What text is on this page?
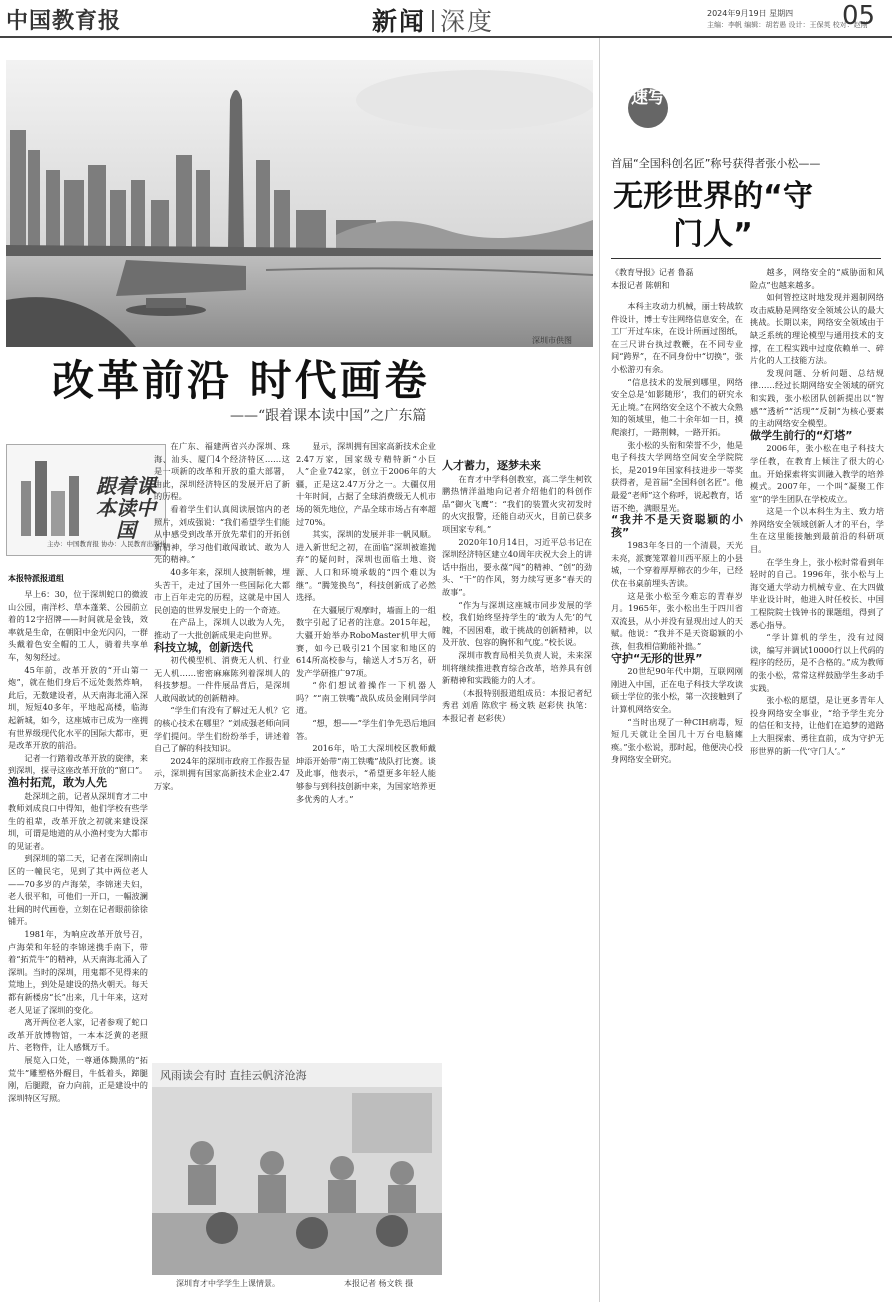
中国教育报	新闻 深度	2024年9月19日 星期四
主编：李帆 编辑：胡若愚 设计：王保英 校对：赵刚
05
深圳市供图
改革前沿 时代画卷
——“跟着课本读中国”之广东篇
跟着课本读中国
主办：中国教育报 协办：人民教育出版社
本报特派报道组

早上6：30，位于深圳蛇口的微波山公园，南洋杉、草本蓬莱、公园前立着的12字招牌——时间就是金钱，效率就是生命，在朝阳中金光闪闪，一群头戴着色安全帽的工人，骑着共享单车，匆匆经过。

45年前，改革开放的“开山第一炮”，就在他们身后不远处轰然炸响，此后，无数建设者，从天南海北涌入深圳，短短40多年，平地起高楼，临海起新城，如今，这座城市已成为一座拥有世界级现代化水平的国际大都市，更是改革开放的前沿。

记者一行踏着改革开放的旋律，来到深圳，探寻这座改革开放的“窗口”。

渔村拓荒，敢为人先

赴深圳之前，记者从深圳育才二中教师刘成良口中得知，他们学校有些学生的祖辈，改革开放之初就来建设深圳，可谓是地道的从小渔村变为大都市的见证者。

到深圳的第二天，记者在深圳南山区的一幢民宅，见到了其中两位老人——70多岁的卢海荣，李锦迷夫妇，老人很平和，可他们一开口，一幅波澜壮阔的时代画卷，立刻在记者眼前徐徐铺开。

1981年，为响应改革开放号召，卢海荣和年轻的李锦迷携手南下，带着“拓荒牛”的精神，从天南海北涌入了深圳。当时的深圳，用鬼都不见得来的荒地上，到处是建设的热火朝天。每天都有新楼房“长”出来，几十年来，这对老人见证了深圳的变化。

离开两位老人家，记者参观了蛇口改革开放博物馆，一本本泛黄的老照片、老物件，让人感慨万千。

展览入口处，一尊通体黝黑的“拓荒牛”雕塑格外醒目，牛低着头，蹄腿刚，后腿蹬，奋力向前，正是建设中的深圳特区写照。

在广东、福建两省兴办深圳、珠海、汕头、厦门4个经济特区……这是一项新的改革和开放的重大部署，由此，深圳经济特区的发展开启了新的历程。

看着学生们认真阅读展馆内的老照片，刘成强说：“我们希望学生们能从中感受到改革开放先辈们的开拓创新精神，学习他们敢闯敢试、敢为人先的精神。”

40多年来，深圳人披荆斩棘，埋头苦干，走过了国外一些国际化大都市上百年走完的历程，这就是中国人民创造的世界发展史上的一个奇迹。

在产品上，深圳人以敢为人先，推动了一大批创新成果走向世界。

科技立城，创新迭代

初代模型机、消费无人机、行业无人机……密密麻麻陈列着深圳人的科技梦想。一件件展品背后，是深圳人敢闯敢试的创新精神。

“学生们有没有了解过无人机？它的核心技术在哪里？”刘成强老师向同学们提问。学生们纷纷举手，讲述着自己了解的科技知识。

2024年的深圳市政府工作报告显示，深圳拥有国家高新技术企业2.47万家。

显示，深圳拥有国家高新技术企业2.47万家，国家级专精特新“小巨人”企业742家，创立于2006年的大疆，正是这2.47万分之一。大疆仅用十年时间，占据了全球消费级无人机市场的领先地位，产品全球市场占有率超过70%。

其实，深圳的发展并非一帆风顺。进入新世纪之初，在面临“深圳被谁抛弃”的疑问时，深圳也面临土地、资源、人口和环境承载的“四个难以为继”。“腾笼换鸟”，科技创新成了必然选择。

在大疆展厅观摩时，墙面上的一组数字引起了记者的注意。2015年起，大疆开始举办RoboMaster机甲大师赛，如今已吸引21个国家和地区的614所高校参与，输送人才5万名，研发产学研推广97项。

“你们想试着操作一下机器人吗？”“南工铁嘴”战队成员金刚同学问道。

“想，想——”学生们争先恐后地回答。

2016年，哈工大深圳校区教师戴坤添开始带“南工铁嘴”战队打比赛。谈及此事，他表示，“希望更多年轻人能够参与到科技创新中来，为国家培养更多优秀的人才。”

人才蓄力，逐梦未来

在育才中学科创教室，高二学生柯钦鹏热情洋溢地向记者介绍他们的科创作品“御火飞鹰”：“我们的装置火灾初发时的火灾报警，还能自动灭火，目前已获多项国家专利。”

2020年10月14日，习近平总书记在深圳经济特区建立40周年庆祝大会上的讲话中指出，要永葆“闯”的精神、“创”的劲头、“干”的作风，努力续写更多“春天的故事”。

“作为与深圳这座城市同步发展的学校，我们始终坚持学生的‘敢为人先’的气魄，不因困难，敢于挑战的创新精神，以及开放、包容的胸怀和气度。”校长说。

深圳市教育局相关负责人说，未来深圳将继续推进教育综合改革，培养具有创新精神和实践能力的人才。

（本报特别报道组成员：本报记者纪秀君 刘盾 陈欣宇 杨文轶 赵彩侠 执笔：本报记者 赵彩侠）

风雨读会有时 直挂云帆济沧海
深圳育才中学学生上课情景。	本报记者 杨文轶 摄
速写
首届“全国科创名匠”称号获得者张小松——
无形世界的“守门人”
《教育导报》记者 鲁磊
本报记者 陈朝和

本科主攻动力机械，丽士转战软件设计，博士专注网络信息安全，在工厂开过车床，在设计所画过图纸，在三尺讲台执过教鞭，在不同专业间“跨界”，在不同身份中“切换”，张小松游刃有余。

“信息技术的发展到哪里，网络安全总是‘如影随形’，我们的研究永无止境。”在网络安全这个不被大众熟知的领域里，他二十余年如一日，摸爬滚打，一路荆棘，一路开拓。

张小松的头衔和荣誉不少，他是电子科技大学网络空间安全学院院长，是2019年国家科技进步一等奖获得者，是首届“全国科创名匠”。他最爱“老师”这个称呼，说起教育，话语不绝，满眼星光。

“我并不是天资聪颖的小孩”

1983年冬日的一个清晨，天光未亮，派赛笼罩着川西平原上的小县城，一个穿着厚厚棉衣的少年，已经伏在书桌前埋头苦读。

这是张小松至今难忘的青春岁月。1965年，张小松出生于四川省双流县，从小并没有显现出过人的天赋。他说：“我并不是天资聪颖的小孩，但我相信勤能补拙。”

守护“无形的世界”

20世纪90年代中期，互联网刚刚进入中国，正在电子科技大学攻读硕士学位的张小松，第一次接触到了计算机网络安全。

“当时出现了一种CIH病毒，短短几天就让全国几十万台电脑瘫痪。”张小松说，那时起，他便决心投身网络安全研究。

越多，网络安全的“威胁面和风险点”也越来越多。

如何管控这时地发现并遏制网络攻击威胁是网络安全领域公认的最大挑战。长期以来，网络安全领域由于缺乏系统的理论模型与通用技术的支撑，在工程实践中过度依赖单一、碎片化的人工技能方法。

发现问题、分析问题、总结规律……经过长期网络安全领域的研究和实践，张小松团队创新提出以“智感”“透析”“活现”“反制”为核心要素的主动网络安全模型。

做学生前行的“灯塔”

2006年，张小松在电子科技大学任教，在教育上倾注了很大的心血。开始探索将实训融入教学的培养模式。2007年，一个叫“凝聚工作室”的学生团队在学校成立。

这是一个以本科生为主、致力培养网络安全领域创新人才的平台，学生在这里能接触到最前沿的科研项目。

在学生身上，张小松时常看到年轻时的自己。1996年，张小松与上海交通大学动力机械专业、在大四做毕业设计时，他进入时任校长、中国工程院院士钱钟书的课题组，得到了悉心指导。

“学计算机的学生，没有过阅读，编写并调试10000行以上代码的程序的经历，是不合格的。”成为教师的张小松，常常这样鼓励学生多动手实践。

张小松的愿望，是让更多青年人投身网络安全事业，“给予学生充分的信任和支持，让他们在追梦的道路上大胆探索、勇往直前，成为守护无形世界的新一代‘守门人’。”
